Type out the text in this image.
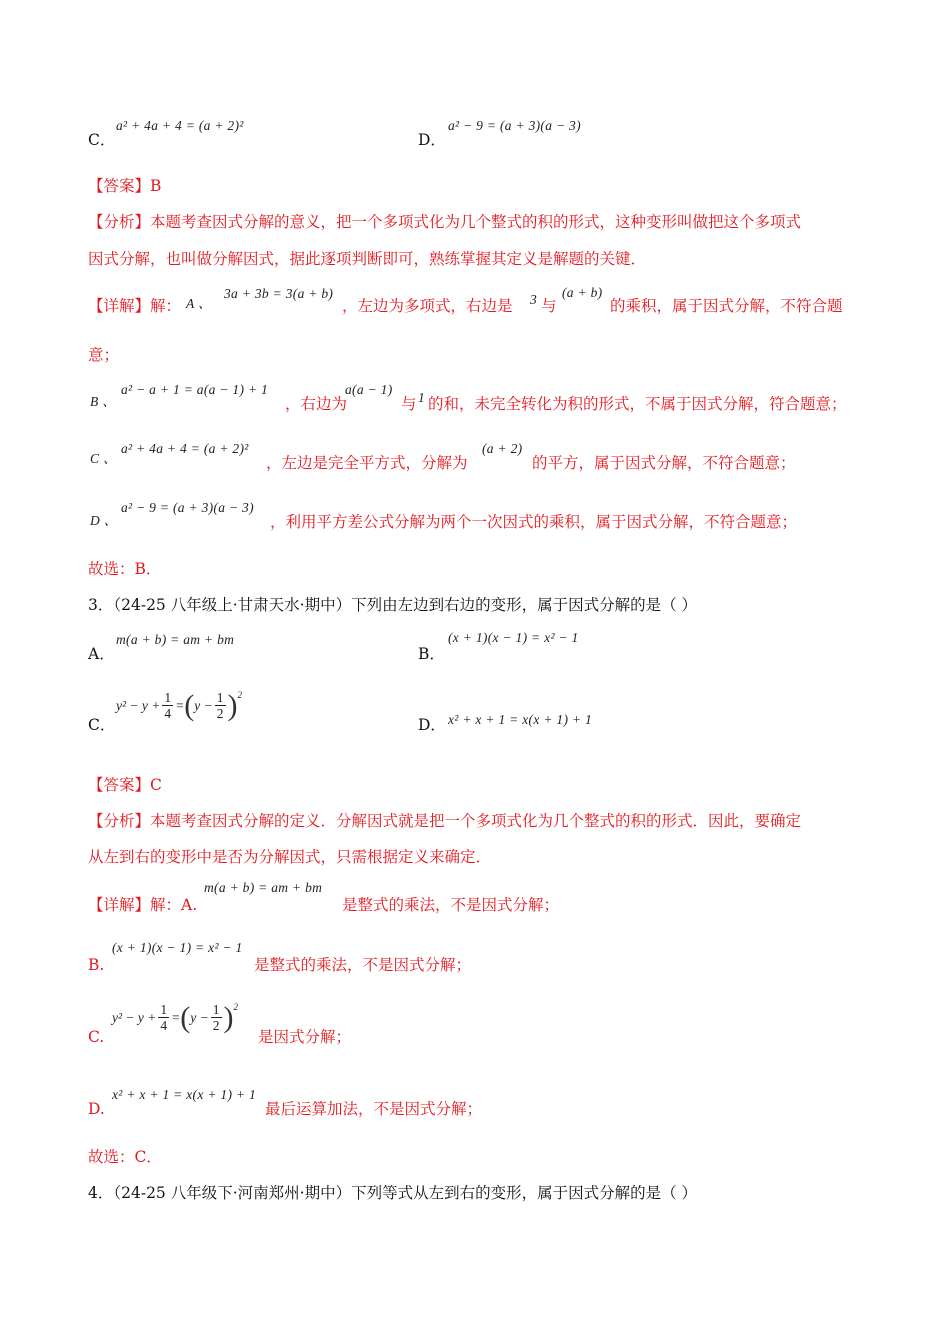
C．
a² + 4a + 4 = (a + 2)²
D．
a² − 9 = (a + 3)(a − 3)
【答案】B
【分析】本题考查因式分解的意义，把一个多项式化为几个整式的积的形式，这种变形叫做把这个多项式
因式分解，也叫做分解因式，据此逐项判断即可，熟练掌握其定义是解题的关键．
【详解】解： A 、
3a + 3b = 3(a + b)
，左边为多项式，右边是 3 与
(a + b)
的乘积，属于因式分解，不符合题
意；
B 、
a² − a + 1 = a(a − 1) + 1
，右边为
a(a − 1)
与 1 的和，未完全转化为积的形式，不属于因式分解，符合题意；
C 、
a² + 4a + 4 = (a + 2)²
，左边是完全平方式，分解为
(a + 2)
的平方，属于因式分解，不符合题意；
D 、
a² − 9 = (a + 3)(a − 3)
，利用平方差公式分解为两个一次因式的乘积，属于因式分解，不符合题意；
故选：B．
3．（24-25 八年级上·甘肃天水·期中）下列由左边到右边的变形，属于因式分解的是（ ）
A．
m(a + b) = am + bm
B．
(x + 1)(x − 1) = x² − 1
C．
$y^2 - y + \frac{1}{4}$ = ( $y - \frac{1}{2} )^2$
D． x² + x + 1 = x(x + 1) + 1
【答案】C
【分析】本题考查因式分解的定义．分解因式就是把一个多项式化为几个整式的积的形式．因此，要确定
从左到右的变形中是否为分解因式，只需根据定义来确定．
【详解】解：A.
m(a + b) = am + bm
是整式的乘法，不是因式分解；
B.
(x + 1)(x − 1) = x² − 1
是整式的乘法，不是因式分解；
C.
$y^2 - y + \frac{1}{4}$ = ( $y - \frac{1}{2} )^2$
是因式分解；
D.
x² + x + 1 = x(x + 1) + 1
最后运算加法，不是因式分解；
故选：C．
4．（24-25 八年级下·河南郑州·期中）下列等式从左到右的变形，属于因式分解的是（ ）
